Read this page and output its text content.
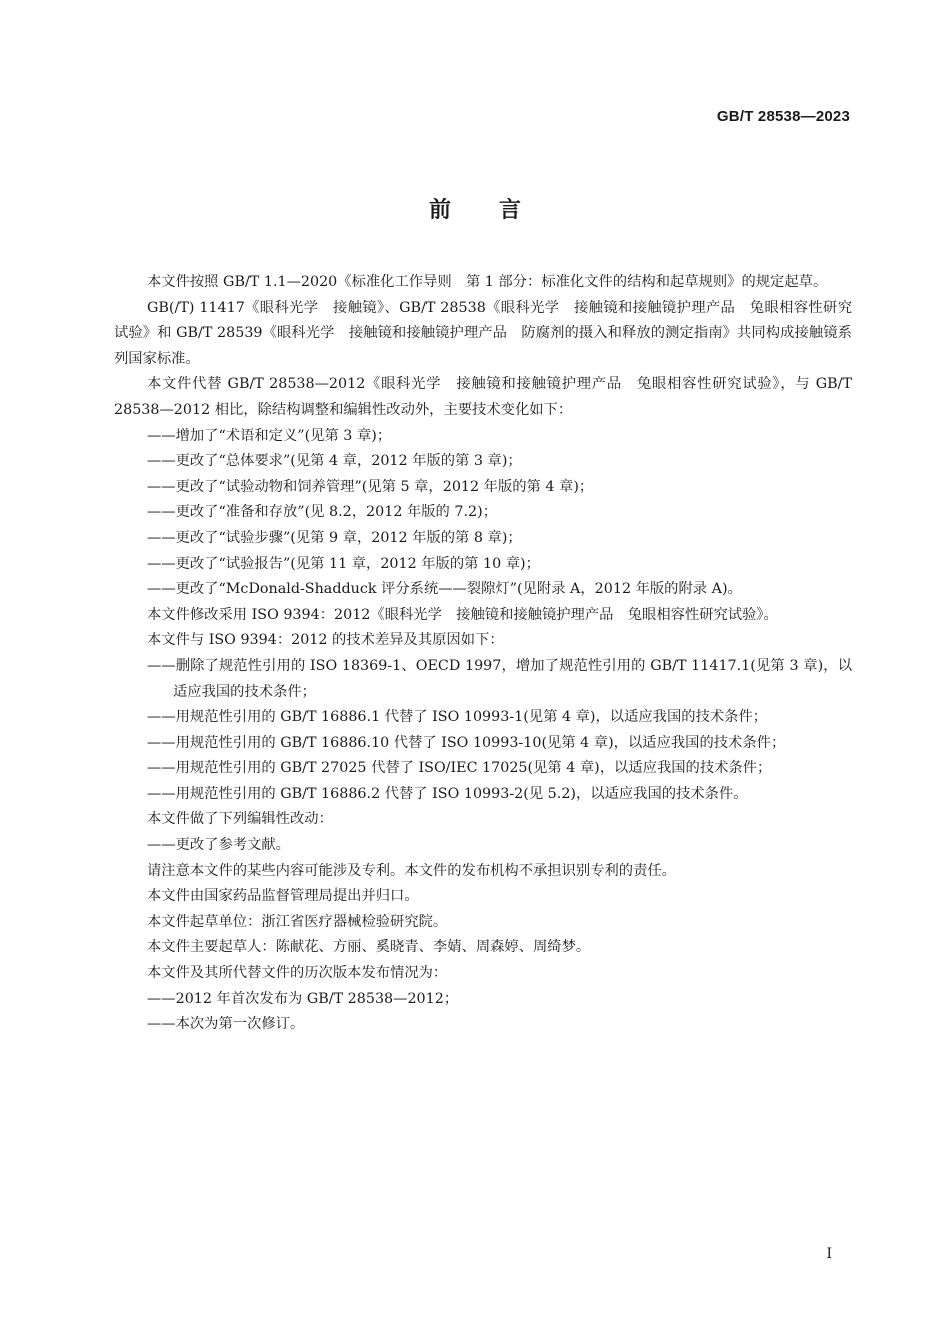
GB/T 28538—2023
前言

本文件按照 GB/T 1.1—2020《标准化工作导则　第 1 部分：标准化文件的结构和起草规则》的规定起草。

GB(/T) 11417《眼科光学　接触镜》、GB/T 28538《眼科光学　接触镜和接触镜护理产品　兔眼相容性研究试验》和 GB/T 28539《眼科光学　接触镜和接触镜护理产品　防腐剂的摄入和释放的测定指南》共同构成接触镜系列国家标准。

本文件代替 GB/T 28538—2012《眼科光学　接触镜和接触镜护理产品　兔眼相容性研究试验》，与 GB/T 28538—2012 相比，除结构调整和编辑性改动外，主要技术变化如下：

——增加了“术语和定义”(见第 3 章)；

——更改了“总体要求”(见第 4 章，2012 年版的第 3 章)；

——更改了“试验动物和饲养管理”(见第 5 章，2012 年版的第 4 章)；

——更改了“准备和存放”(见 8.2，2012 年版的 7.2)；

——更改了“试验步骤”(见第 9 章，2012 年版的第 8 章)；

——更改了“试验报告”(见第 11 章，2012 年版的第 10 章)；

——更改了“McDonald-Shadduck 评分系统——裂隙灯”(见附录 A，2012 年版的附录 A)。

本文件修改采用 ISO 9394：2012《眼科光学　接触镜和接触镜护理产品　兔眼相容性研究试验》。

本文件与 ISO 9394：2012 的技术差异及其原因如下：

——删除了规范性引用的 ISO 18369-1、OECD 1997，增加了规范性引用的 GB/T 11417.1(见第 3 章)，以适应我国的技术条件；

——用规范性引用的 GB/T 16886.1 代替了 ISO 10993-1(见第 4 章)，以适应我国的技术条件；

——用规范性引用的 GB/T 16886.10 代替了 ISO 10993-10(见第 4 章)，以适应我国的技术条件；

——用规范性引用的 GB/T 27025 代替了 ISO/IEC 17025(见第 4 章)，以适应我国的技术条件；

——用规范性引用的 GB/T 16886.2 代替了 ISO 10993-2(见 5.2)，以适应我国的技术条件。

本文件做了下列编辑性改动：

——更改了参考文献。

请注意本文件的某些内容可能涉及专利。本文件的发布机构不承担识别专利的责任。

本文件由国家药品监督管理局提出并归口。

本文件起草单位：浙江省医疗器械检验研究院。

本文件主要起草人：陈献花、方丽、奚晓青、李婧、周森婷、周绮梦。

本文件及其所代替文件的历次版本发布情况为：

——2012 年首次发布为 GB/T 28538—2012；

——本次为第一次修订。

I
